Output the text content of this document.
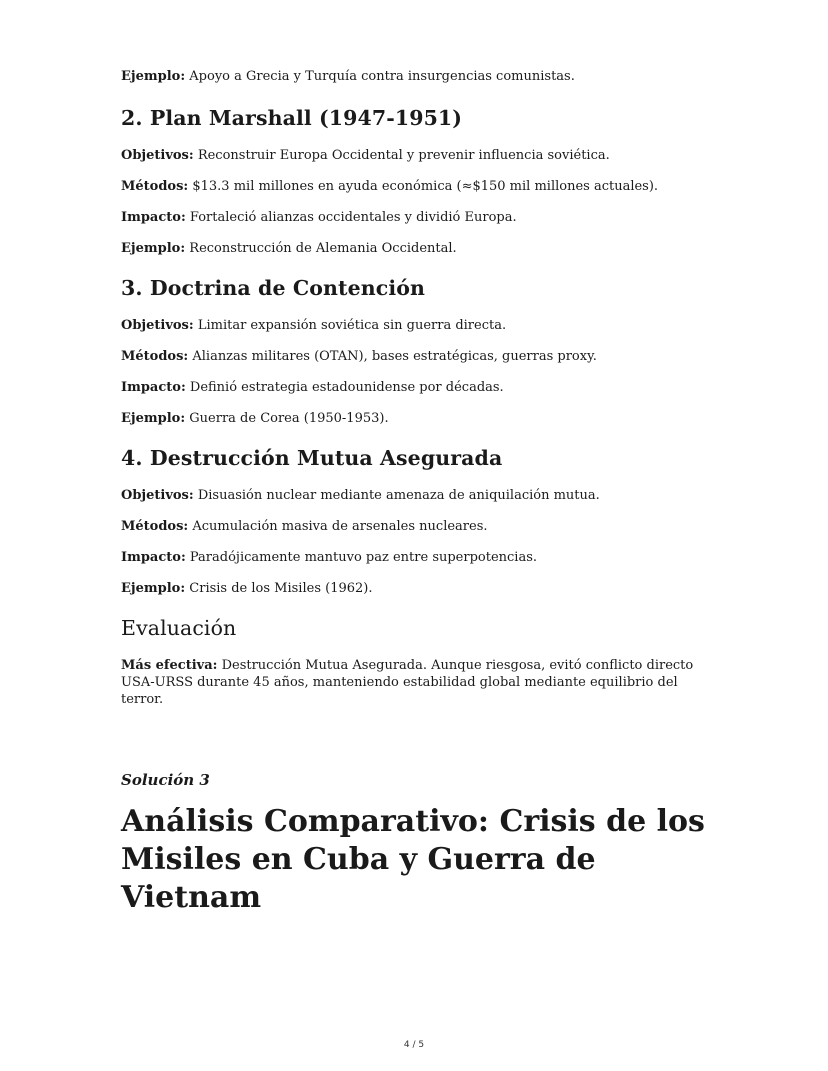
Ejemplo: Apoyo a Grecia y Turquía contra insurgencias comunistas.

2. Plan Marshall (1947-1951)

Objetivos: Reconstruir Europa Occidental y prevenir influencia soviética.

Métodos: $13.3 mil millones en ayuda económica (≈$150 mil millones actuales).

Impacto: Fortaleció alianzas occidentales y dividió Europa.

Ejemplo: Reconstrucción de Alemania Occidental.

3. Doctrina de Contención

Objetivos: Limitar expansión soviética sin guerra directa.

Métodos: Alianzas militares (OTAN), bases estratégicas, guerras proxy.

Impacto: Definió estrategia estadounidense por décadas.

Ejemplo: Guerra de Corea (1950-1953).

4. Destrucción Mutua Asegurada

Objetivos: Disuasión nuclear mediante amenaza de aniquilación mutua.

Métodos: Acumulación masiva de arsenales nucleares.

Impacto: Paradójicamente mantuvo paz entre superpotencias.

Ejemplo: Crisis de los Misiles (1962).

Evaluación

Más efectiva: Destrucción Mutua Asegurada. Aunque riesgosa, evitó conflicto directo USA-URSS durante 45 años, manteniendo estabilidad global mediante equilibrio del terror.

Solución 3
Análisis Comparativo: Crisis de los Misiles en Cuba y Guerra de Vietnam
4 / 5
